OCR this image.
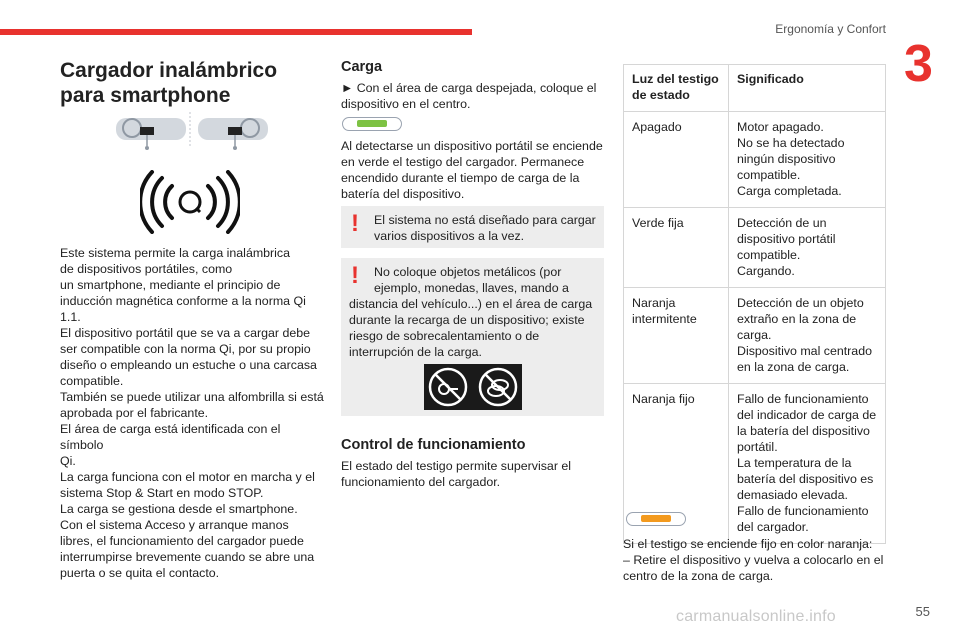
Ergonomía y Confort
3
Cargador inalámbrico para smartphone

Este sistema permite la carga inalámbrica

de dispositivos portátiles, como

un smartphone, mediante el principio de

inducción magnética conforme a la norma Qi

1.1.

El dispositivo portátil que se va a cargar debe

ser compatible con la norma Qi, por su propio

diseño o empleando un estuche o una carcasa

compatible.

También se puede utilizar una alfombrilla si está

aprobada por el fabricante.

El área de carga está identificada con el símbolo

Qi.

La carga funciona con el motor en marcha y el

sistema Stop & Start en modo STOP.

La carga se gestiona desde el smartphone.

Con el sistema Acceso y arranque manos

libres, el funcionamiento del cargador puede

interrumpirse brevemente cuando se abre una

puerta o se quita el contacto.

Carga

► Con el área de carga despejada, coloque el

dispositivo en el centro.

Al detectarse un dispositivo portátil se enciende

en verde el testigo del cargador. Permanece

encendido durante el tiempo de carga de la

batería del dispositivo.

! El sistema no está diseñado para cargar

varios dispositivos a la vez.

! No coloque objetos metálicos (por

ejemplo, monedas, llaves, mando a

distancia del vehículo...) en el área de carga

durante la recarga de un dispositivo; existe

riesgo de sobrecalentamiento o de

interrupción de la carga.

Control de funcionamiento

El estado del testigo permite supervisar el

funcionamiento del cargador.

Luz del testigo de estado	Significado
Apagado	Motor apagado.
No se ha detectado ningún dispositivo compatible.
Carga completada.

Verde fija	Detección de un dispositivo portátil compatible.
Cargando.

Naranja intermitente	Detección de un objeto extraño en la zona de carga.
Dispositivo mal centrado en la zona de carga.

Naranja fijo	Fallo de funcionamiento del indicador de carga de la batería del dispositivo portátil.
La temperatura de la batería del dispositivo es demasiado elevada.
Fallo de funcionamiento del cargador.

Si el testigo se enciende fijo en color naranja:

– Retire el dispositivo y vuelva a colocarlo en el

centro de la zona de carga.

carmanualsonline.info	55
